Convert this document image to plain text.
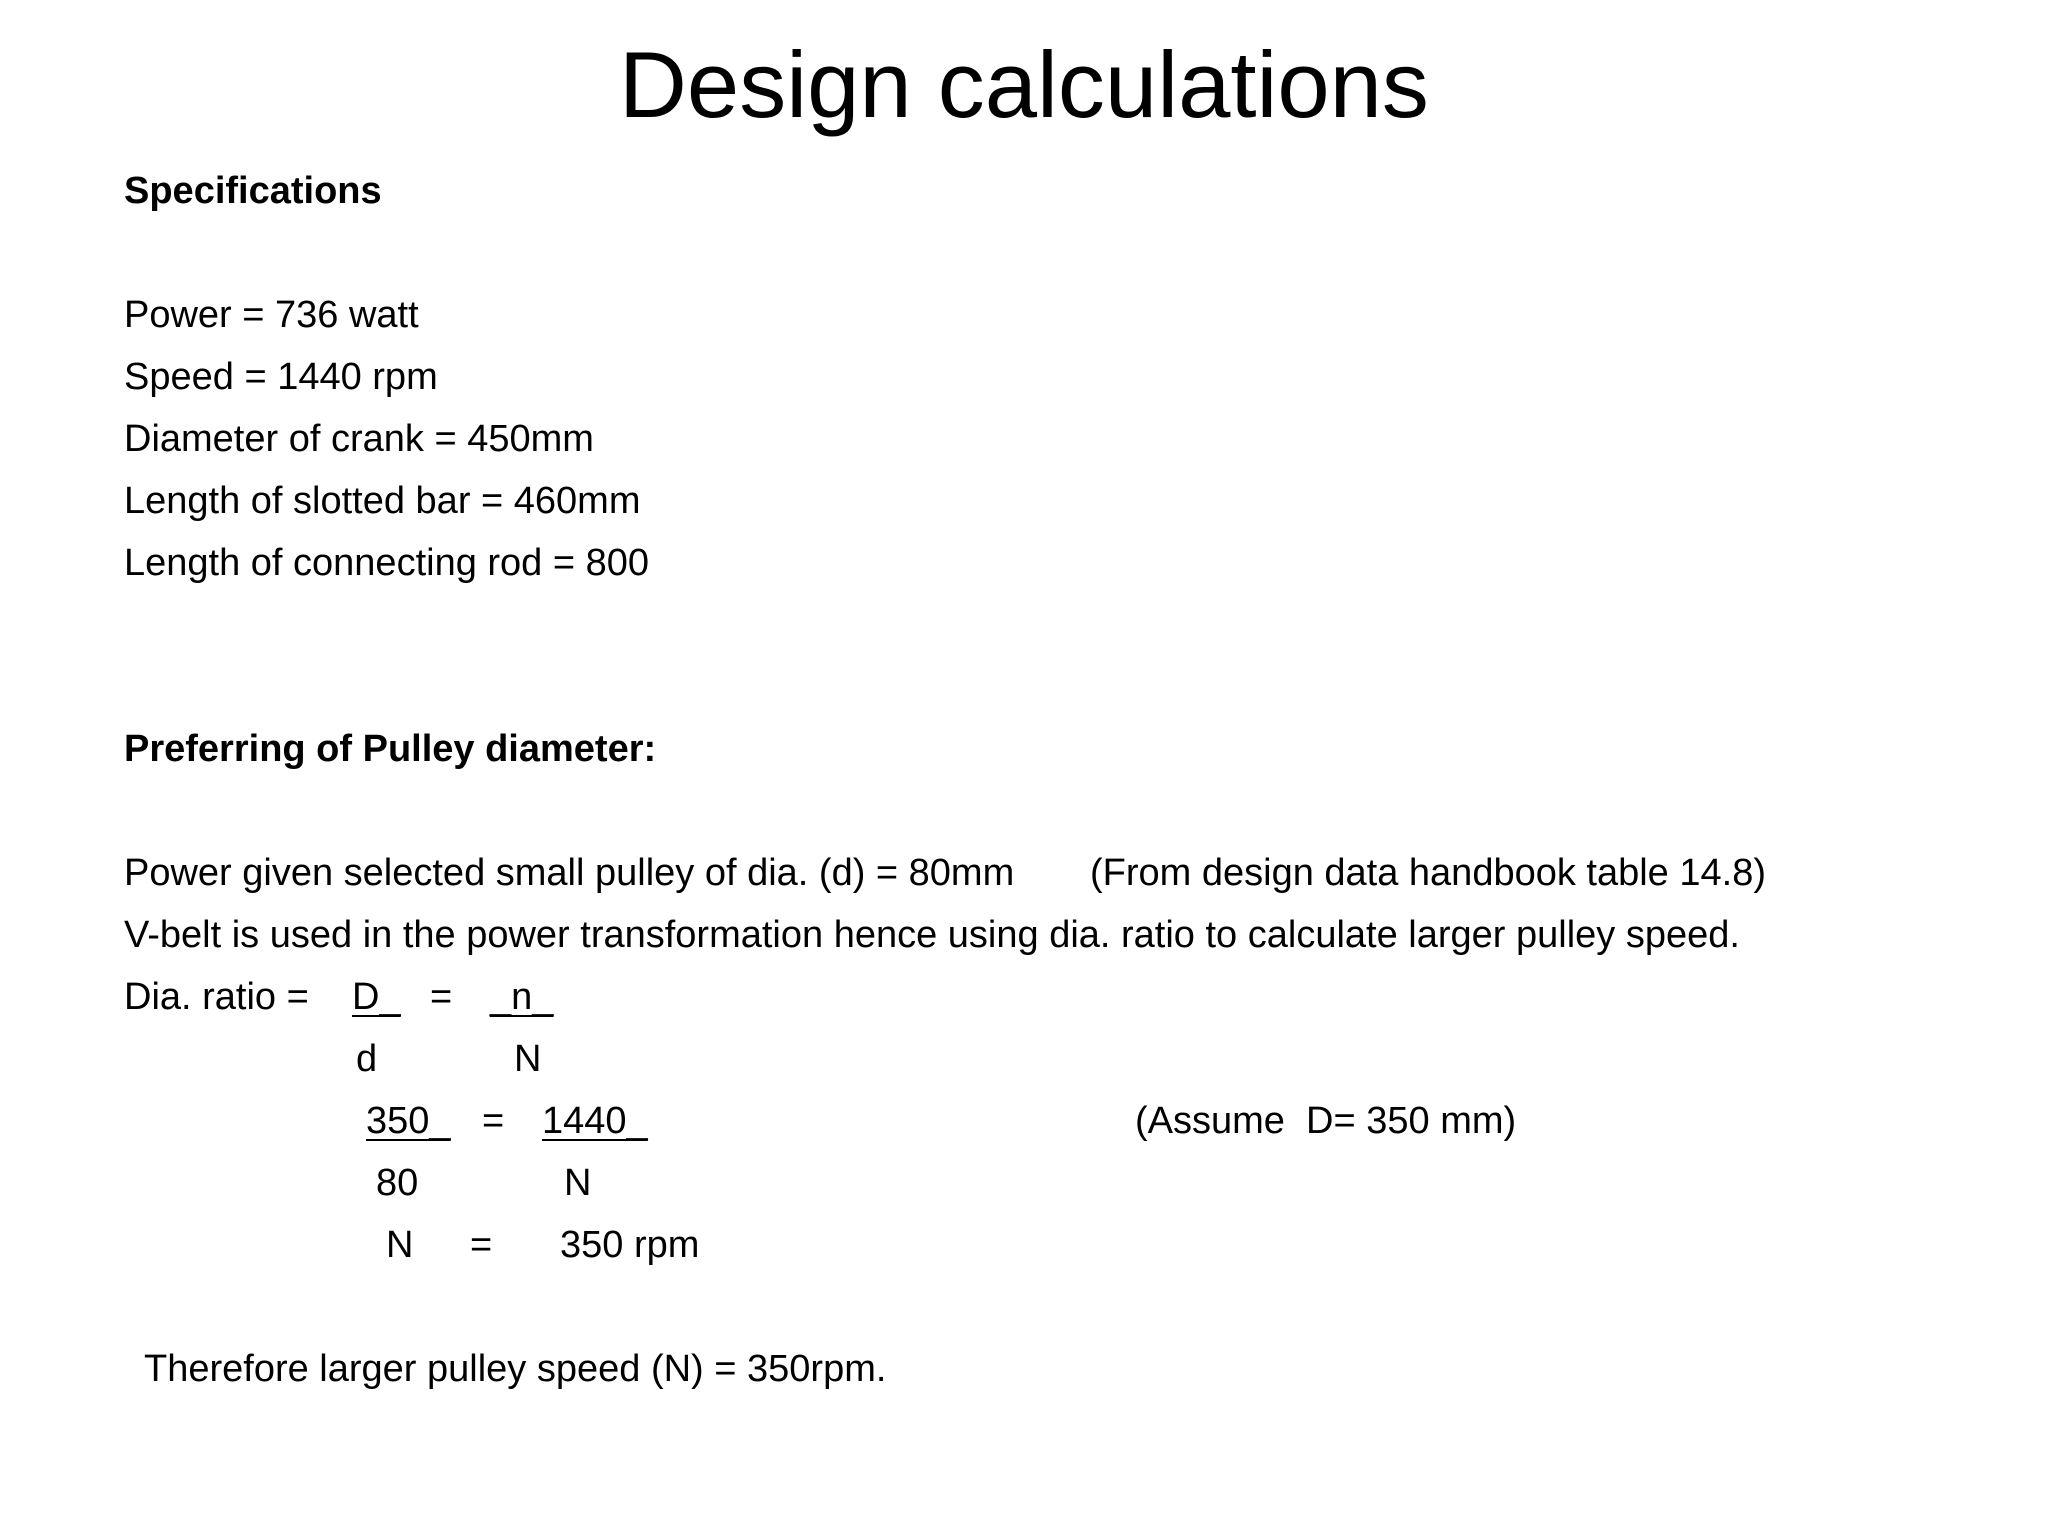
Design calculations
Specifications
Power = 736 watt
Speed = 1440 rpm
Diameter of crank = 450mm
Length of slotted bar = 460mm
Length of connecting rod = 800
Preferring of Pulley diameter:
Power given selected small pulley of dia. (d) = 80mm (From design data handbook table 14.8)
V-belt is used in the power transformation hence using dia. ratio to calculate larger pulley speed.
Dia. ratio = D_ = _n_
d	N
350_ = 1440_	(Assume  D= 350 mm)
80	N
N = 350 rpm
Therefore larger pulley speed (N) = 350rpm.
